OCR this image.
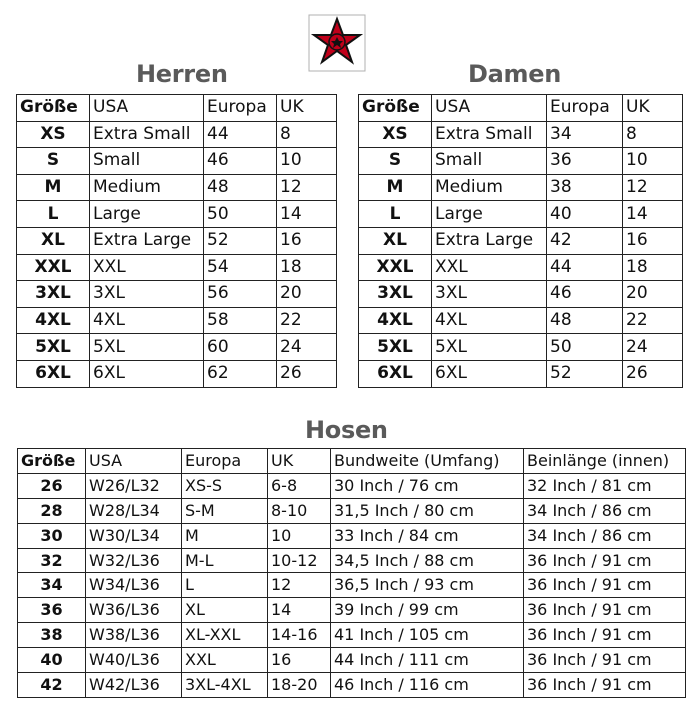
Herren
Größe	USA	Europa	UK
XS	Extra Small	44	8
S	Small	46	10
M	Medium	48	12
L	Large	50	14
XL	Extra Large	52	16
XXL	XXL	54	18
3XL	3XL	56	20
4XL	4XL	58	22
5XL	5XL	60	24
6XL	6XL	62	26
Damen
Größe	USA	Europa	UK
XS	Extra Small	34	8
S	Small	36	10
M	Medium	38	12
L	Large	40	14
XL	Extra Large	42	16
XXL	XXL	44	18
3XL	3XL	46	20
4XL	4XL	48	22
5XL	5XL	50	24
6XL	6XL	52	26
Hosen
Größe	USA	Europa	UK	Bundweite (Umfang)	Beinlänge (innen)
26	W26/L32	XS-S	6-8	30 Inch / 76 cm	32 Inch / 81 cm
28	W28/L34	S-M	8-10	31,5 Inch / 80 cm	34 Inch / 86 cm
30	W30/L34	M	10	33 Inch / 84 cm	34 Inch / 86 cm
32	W32/L36	M-L	10-12	34,5 Inch / 88 cm	36 Inch / 91 cm
34	W34/L36	L	12	36,5 Inch / 93 cm	36 Inch / 91 cm
36	W36/L36	XL	14	39 Inch / 99 cm	36 Inch / 91 cm
38	W38/L36	XL-XXL	14-16	41 Inch / 105 cm	36 Inch / 91 cm
40	W40/L36	XXL	16	44 Inch / 111 cm	36 Inch / 91 cm
42	W42/L36	3XL-4XL	18-20	46 Inch / 116 cm	36 Inch / 91 cm
